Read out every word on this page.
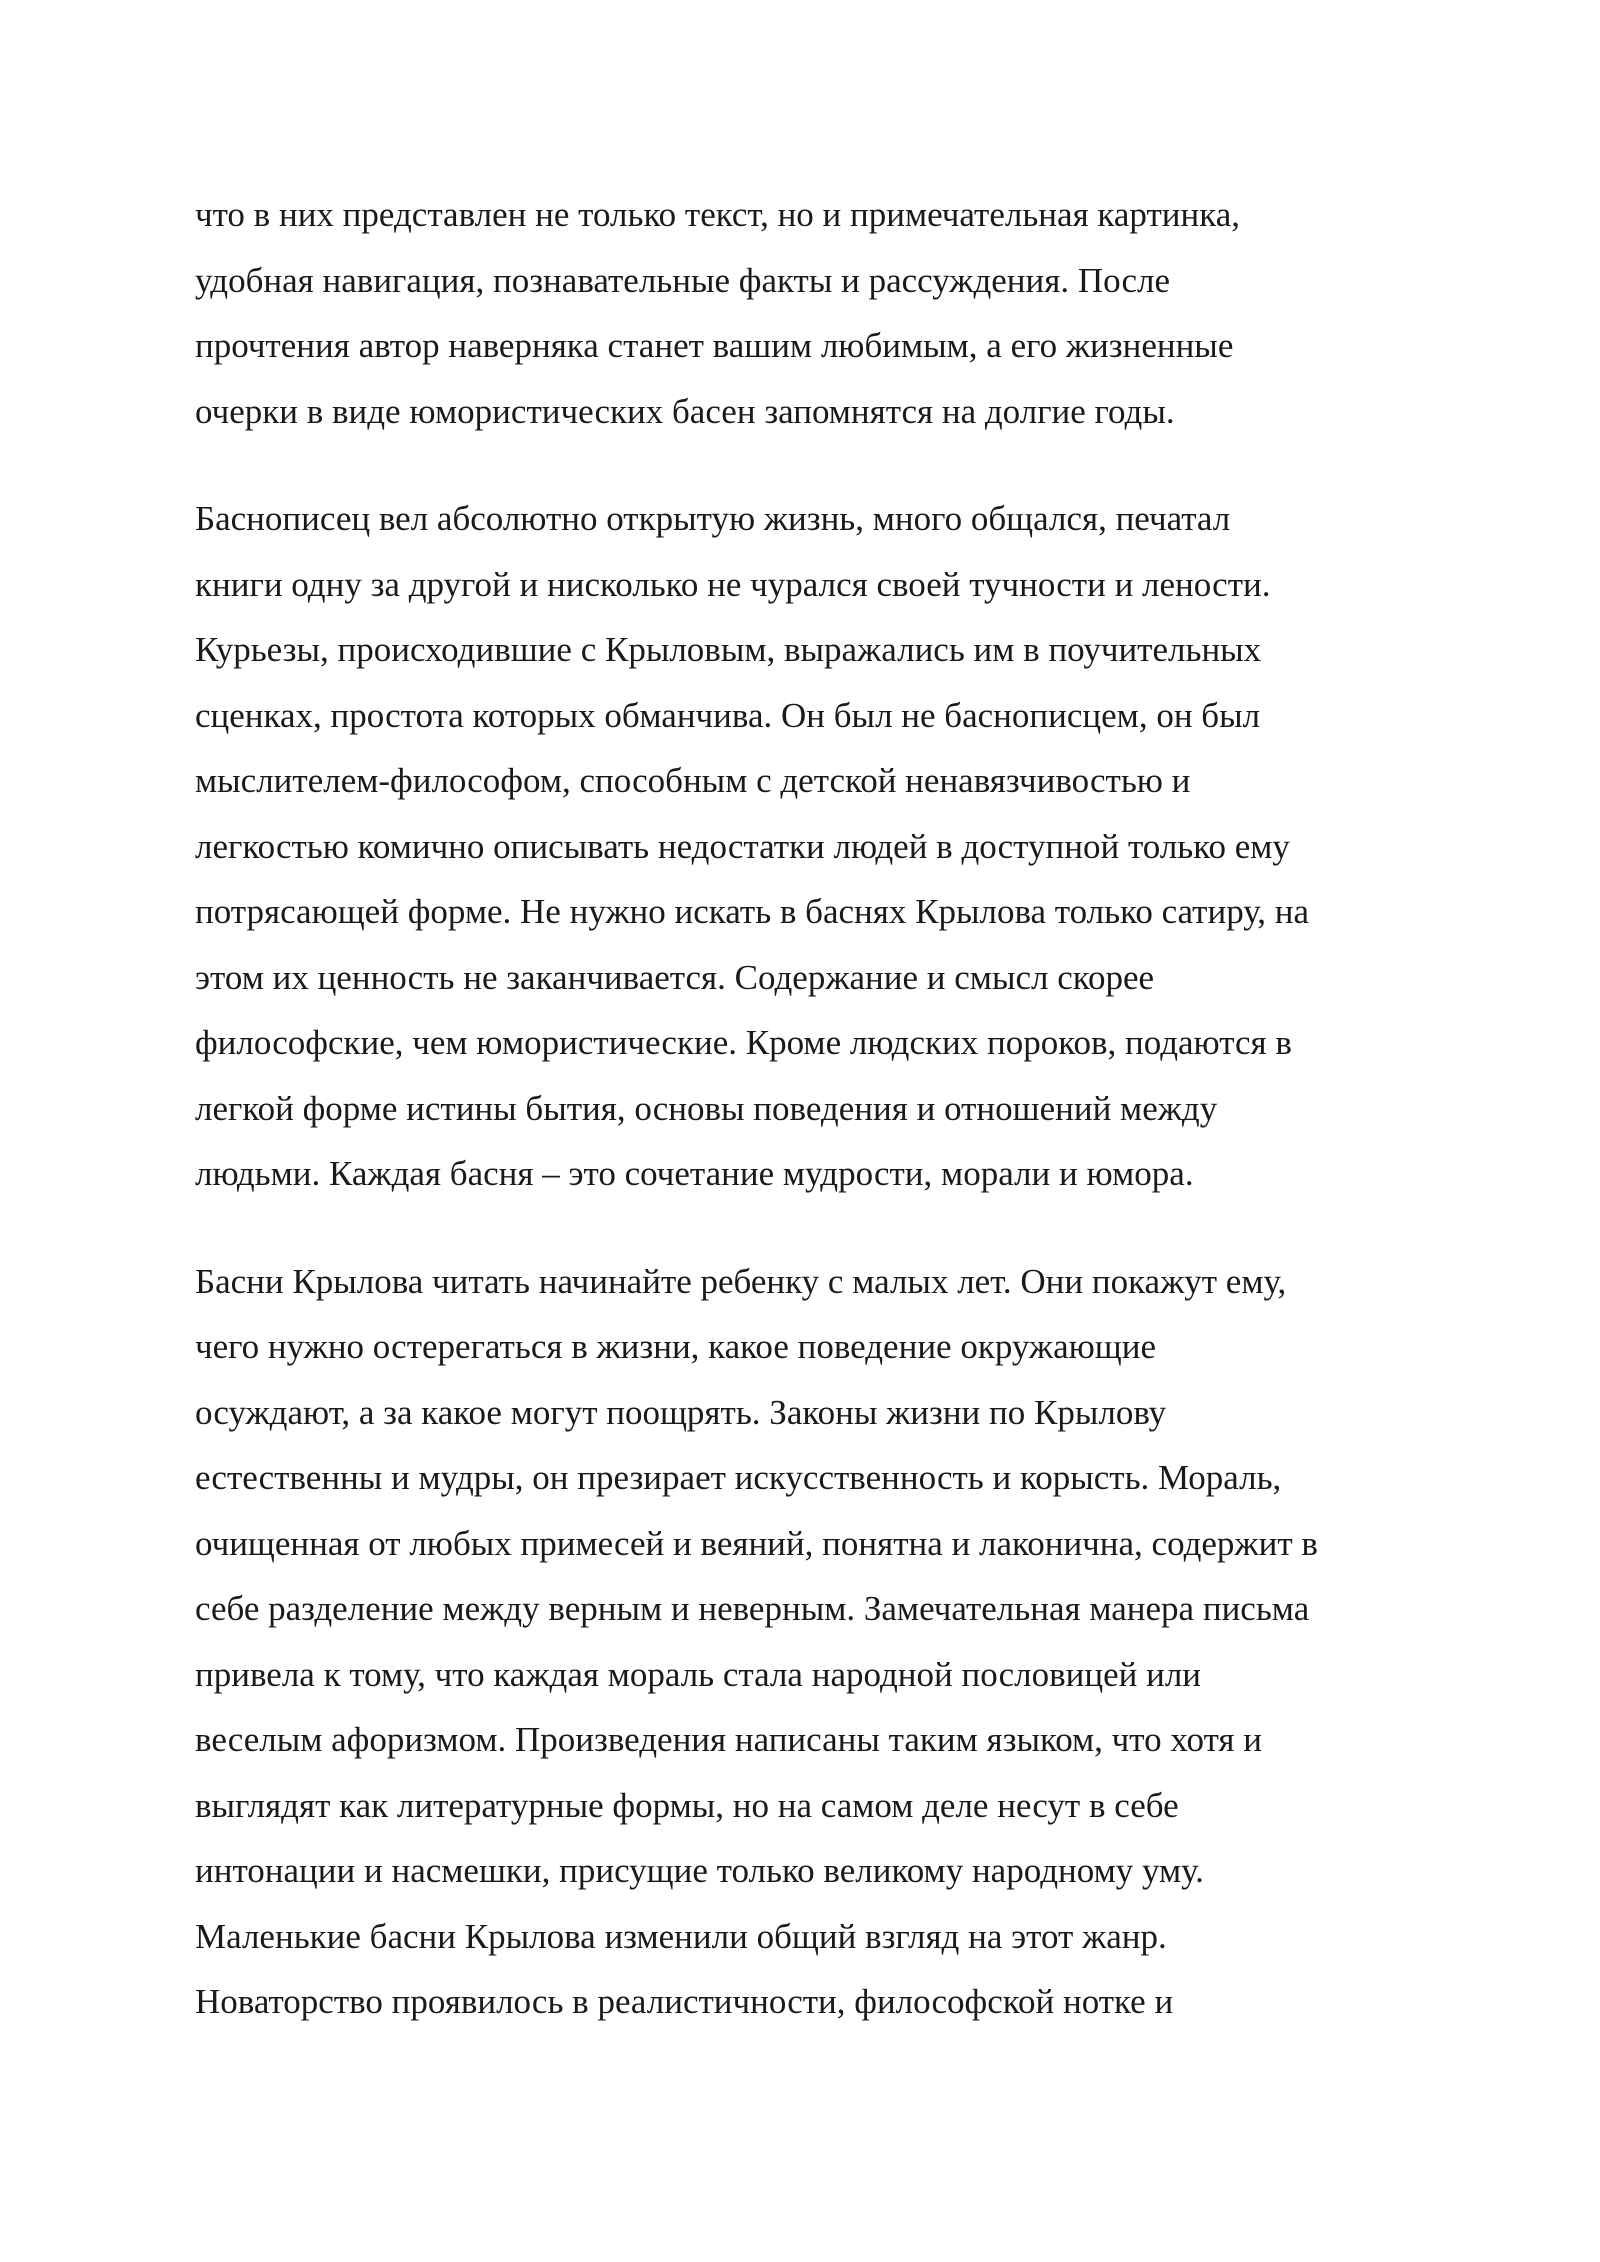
что в них представлен не только текст, но и примечательная картинка,
удобная навигация, познавательные факты и рассуждения. После
прочтения автор наверняка станет вашим любимым, а его жизненные
очерки в виде юмористических басен запомнятся на долгие годы.

Баснописец вел абсолютно открытую жизнь, много общался, печатал
книги одну за другой и нисколько не чурался своей тучности и лености.
Курьезы, происходившие с Крыловым, выражались им в поучительных
сценках, простота которых обманчива. Он был не баснописцем, он был
мыслителем-философом, способным с детской ненавязчивостью и
легкостью комично описывать недостатки людей в доступной только ему
потрясающей форме. Не нужно искать в баснях Крылова только сатиру, на
этом их ценность не заканчивается. Содержание и смысл скорее
философские, чем юмористические. Кроме людских пороков, подаются в
легкой форме истины бытия, основы поведения и отношений между
людьми. Каждая басня – это сочетание мудрости, морали и юмора.

Басни Крылова читать начинайте ребенку с малых лет. Они покажут ему,
чего нужно остерегаться в жизни, какое поведение окружающие
осуждают, а за какое могут поощрять. Законы жизни по Крылову
естественны и мудры, он презирает искусственность и корысть. Мораль,
очищенная от любых примесей и веяний, понятна и лаконична, содержит в
себе разделение между верным и неверным. Замечательная манера письма
привела к тому, что каждая мораль стала народной пословицей или
веселым афоризмом. Произведения написаны таким языком, что хотя и
выглядят как литературные формы, но на самом деле несут в себе
интонации и насмешки, присущие только великому народному уму.
Маленькие басни Крылова изменили общий взгляд на этот жанр.
Новаторство проявилось в реалистичности, философской нотке и
